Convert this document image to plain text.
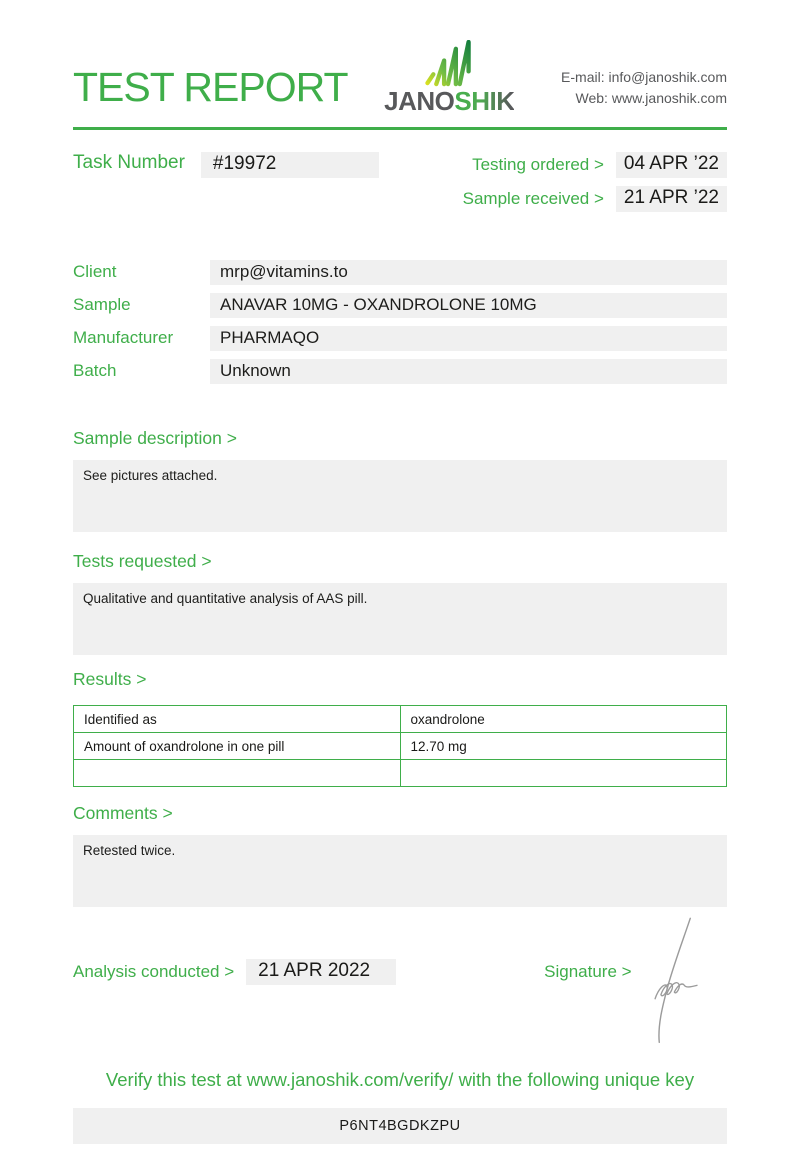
TEST REPORT JANOSHIK
E-mail: info@janoshik.com
Web: www.janoshik.com
Task Number	#19972	Testing ordered >	04 APR ’22
Sample received >	21 APR ’22
Client	mrp@vitamins.to
Sample	ANAVAR 10MG - OXANDROLONE 10MG
Manufacturer	PHARMAQO
Batch	Unknown
Sample description >
See pictures attached.
Tests requested >
Qualitative and quantitative analysis of AAS pill.
Results >
Identified as	oxandrolone
Amount of oxandrolone in one pill	12.70 mg

Comments >
Retested twice.
Analysis conducted >	21 APR 2022	Signature >
Verify this test at www.janoshik.com/verify/ with the following unique key
P6NT4BGDKZPU
